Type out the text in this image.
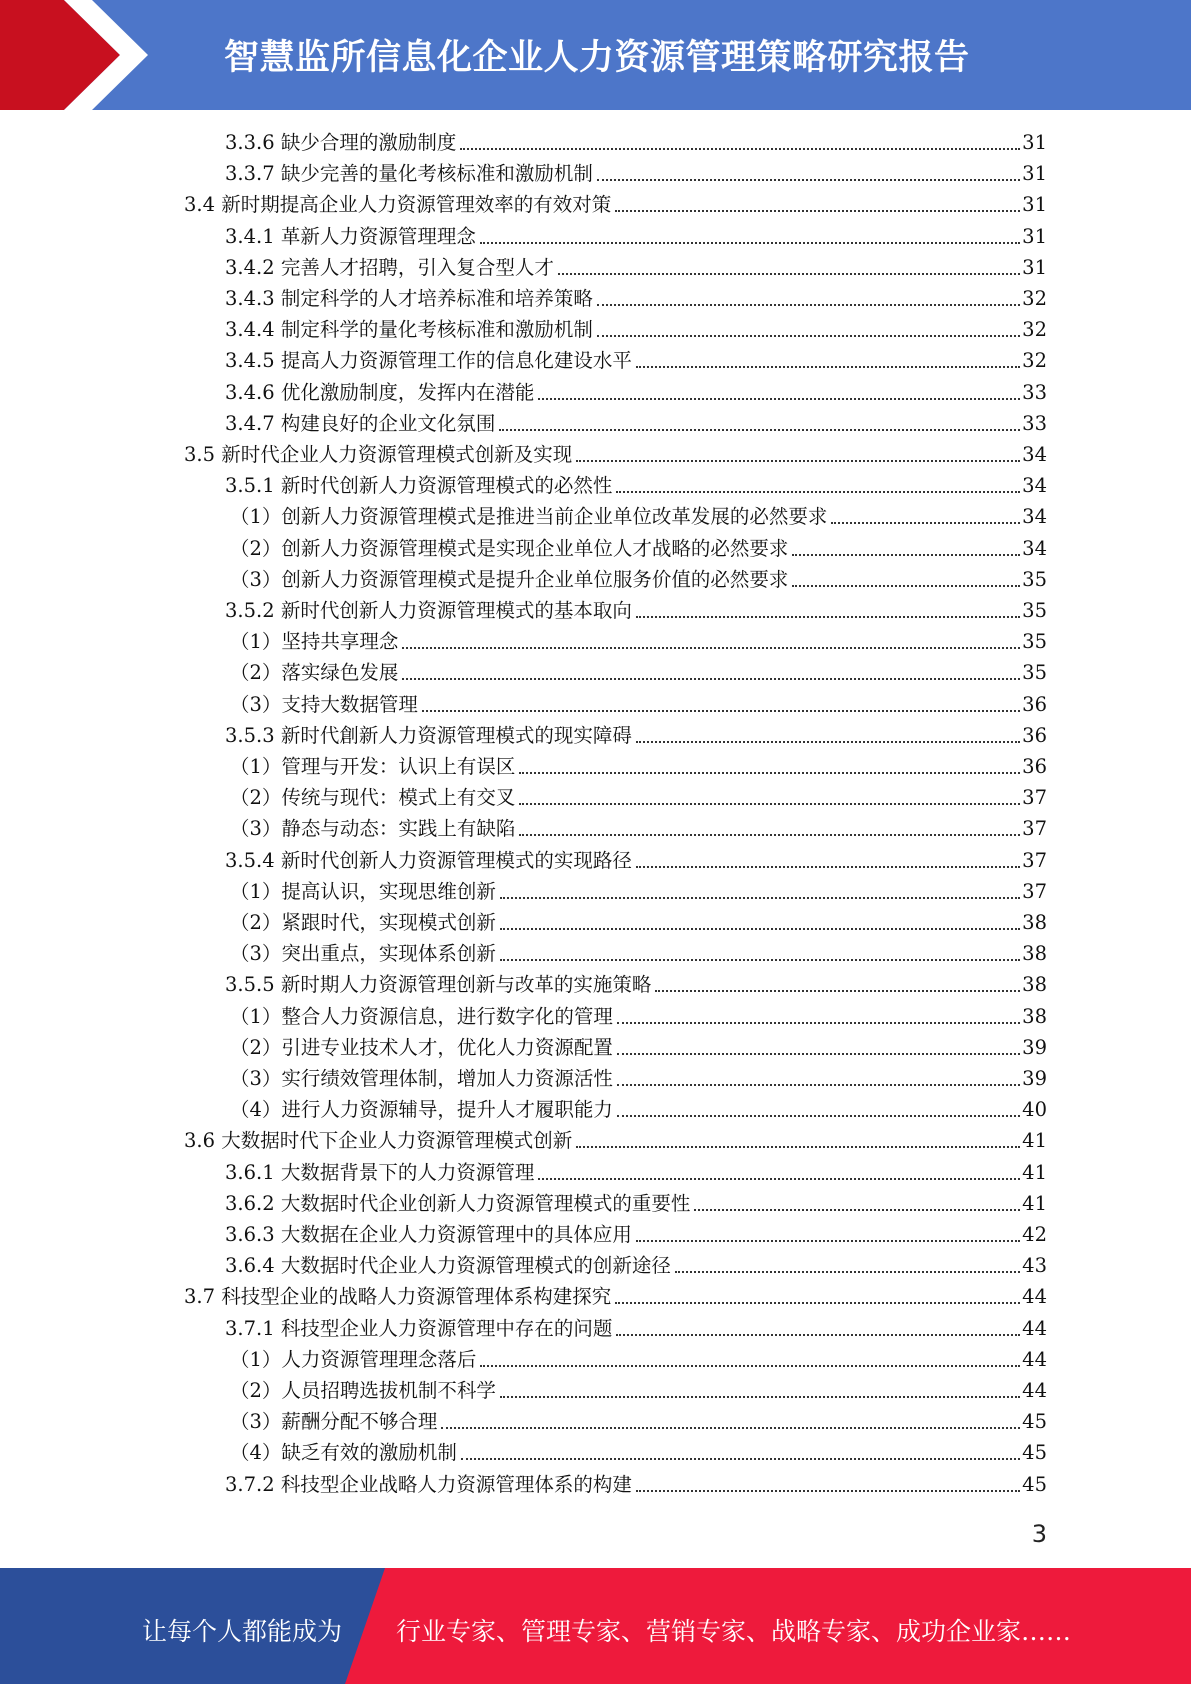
智慧监所信息化企业人力资源管理策略研究报告
3.3.6 缺少合理的激励制度	31
3.3.7 缺少完善的量化考核标准和激励机制	31
3.4 新时期提高企业人力资源管理效率的有效对策	31
3.4.1 革新人力资源管理理念	31
3.4.2 完善人才招聘，引入复合型人才	31
3.4.3 制定科学的人才培养标准和培养策略	32
3.4.4 制定科学的量化考核标准和激励机制	32
3.4.5 提高人力资源管理工作的信息化建设水平	32
3.4.6 优化激励制度，发挥内在潜能	33
3.4.7 构建良好的企业文化氛围	33
3.5 新时代企业人力资源管理模式创新及实现	34
3.5.1 新时代创新人力资源管理模式的必然性	34
（1）创新人力资源管理模式是推进当前企业单位改革发展的必然要求	34
（2）创新人力资源管理模式是实现企业单位人才战略的必然要求	34
（3）创新人力资源管理模式是提升企业单位服务价值的必然要求	35
3.5.2 新时代创新人力资源管理模式的基本取向	35
（1）坚持共享理念	35
（2）落实绿色发展	35
（3）支持大数据管理	36
3.5.3 新时代創新人力资源管理模式的现实障碍	36
（1）管理与开发：认识上有误区	36
（2）传统与现代：模式上有交叉	37
（3）静态与动态：实践上有缺陷	37
3.5.4 新时代创新人力资源管理模式的实现路径	37
（1）提高认识，实现思维创新	37
（2）紧跟时代，实现模式创新	38
（3）突出重点，实现体系创新	38
3.5.5 新时期人力资源管理创新与改革的实施策略	38
（1）整合人力资源信息，进行数字化的管理	38
（2）引进专业技术人才，优化人力资源配置	39
（3）实行绩效管理体制，增加人力资源活性	39
（4）进行人力资源辅导，提升人才履职能力	40
3.6 大数据时代下企业人力资源管理模式创新	41
3.6.1 大数据背景下的人力资源管理	41
3.6.2 大数据时代企业创新人力资源管理模式的重要性	41
3.6.3 大数据在企业人力资源管理中的具体应用	42
3.6.4 大数据时代企业人力资源管理模式的创新途径	43
3.7 科技型企业的战略人力资源管理体系构建探究	44
3.7.1 科技型企业人力资源管理中存在的问题	44
（1）人力资源管理理念落后	44
（2）人员招聘选拔机制不科学	44
（3）薪酬分配不够合理	45
（4）缺乏有效的激励机制	45
3.7.2 科技型企业战略人力资源管理体系的构建	45
3
让每个人都能成为 行业专家、管理专家、营销专家、战略专家、成功企业家……
